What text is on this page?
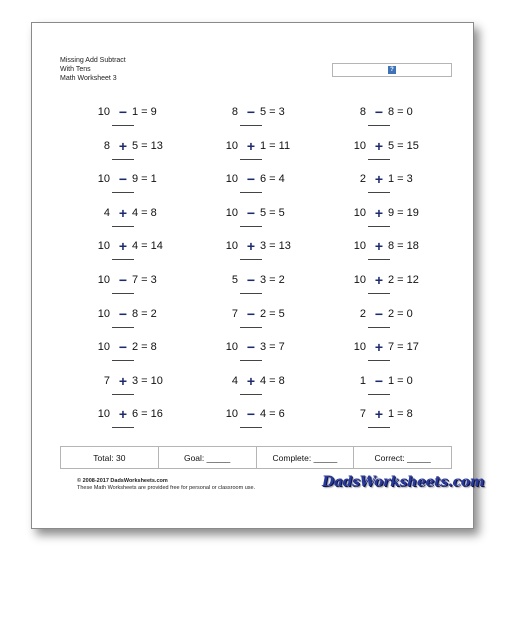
Missing Add Subtract
With Tens
Math Worksheet 3
?
10 − 1 = 9	8 − 5 = 3	8 − 8 = 0
8 + 5 = 13	10 + 1 = 11	10 + 5 = 15
10 − 9 = 1	10 − 6 = 4	2 + 1 = 3
4 + 4 = 8	10 − 5 = 5	10 + 9 = 19
10 + 4 = 14	10 + 3 = 13	10 + 8 = 18
10 − 7 = 3	5 − 3 = 2	10 + 2 = 12
10 − 8 = 2	7 − 2 = 5	2 − 2 = 0
10 − 2 = 8	10 − 3 = 7	10 + 7 = 17
7 + 3 = 10	4 + 4 = 8	1 − 1 = 0
10 + 6 = 16	10 − 4 = 6	7 + 1 = 8
Total: 30	Goal: _____	Complete: _____	Correct: _____
© 2008-2017 DadsWorksheets.com
These Math Worksheets are provided free for personal or classroom use.	DadsWorksheets.com
